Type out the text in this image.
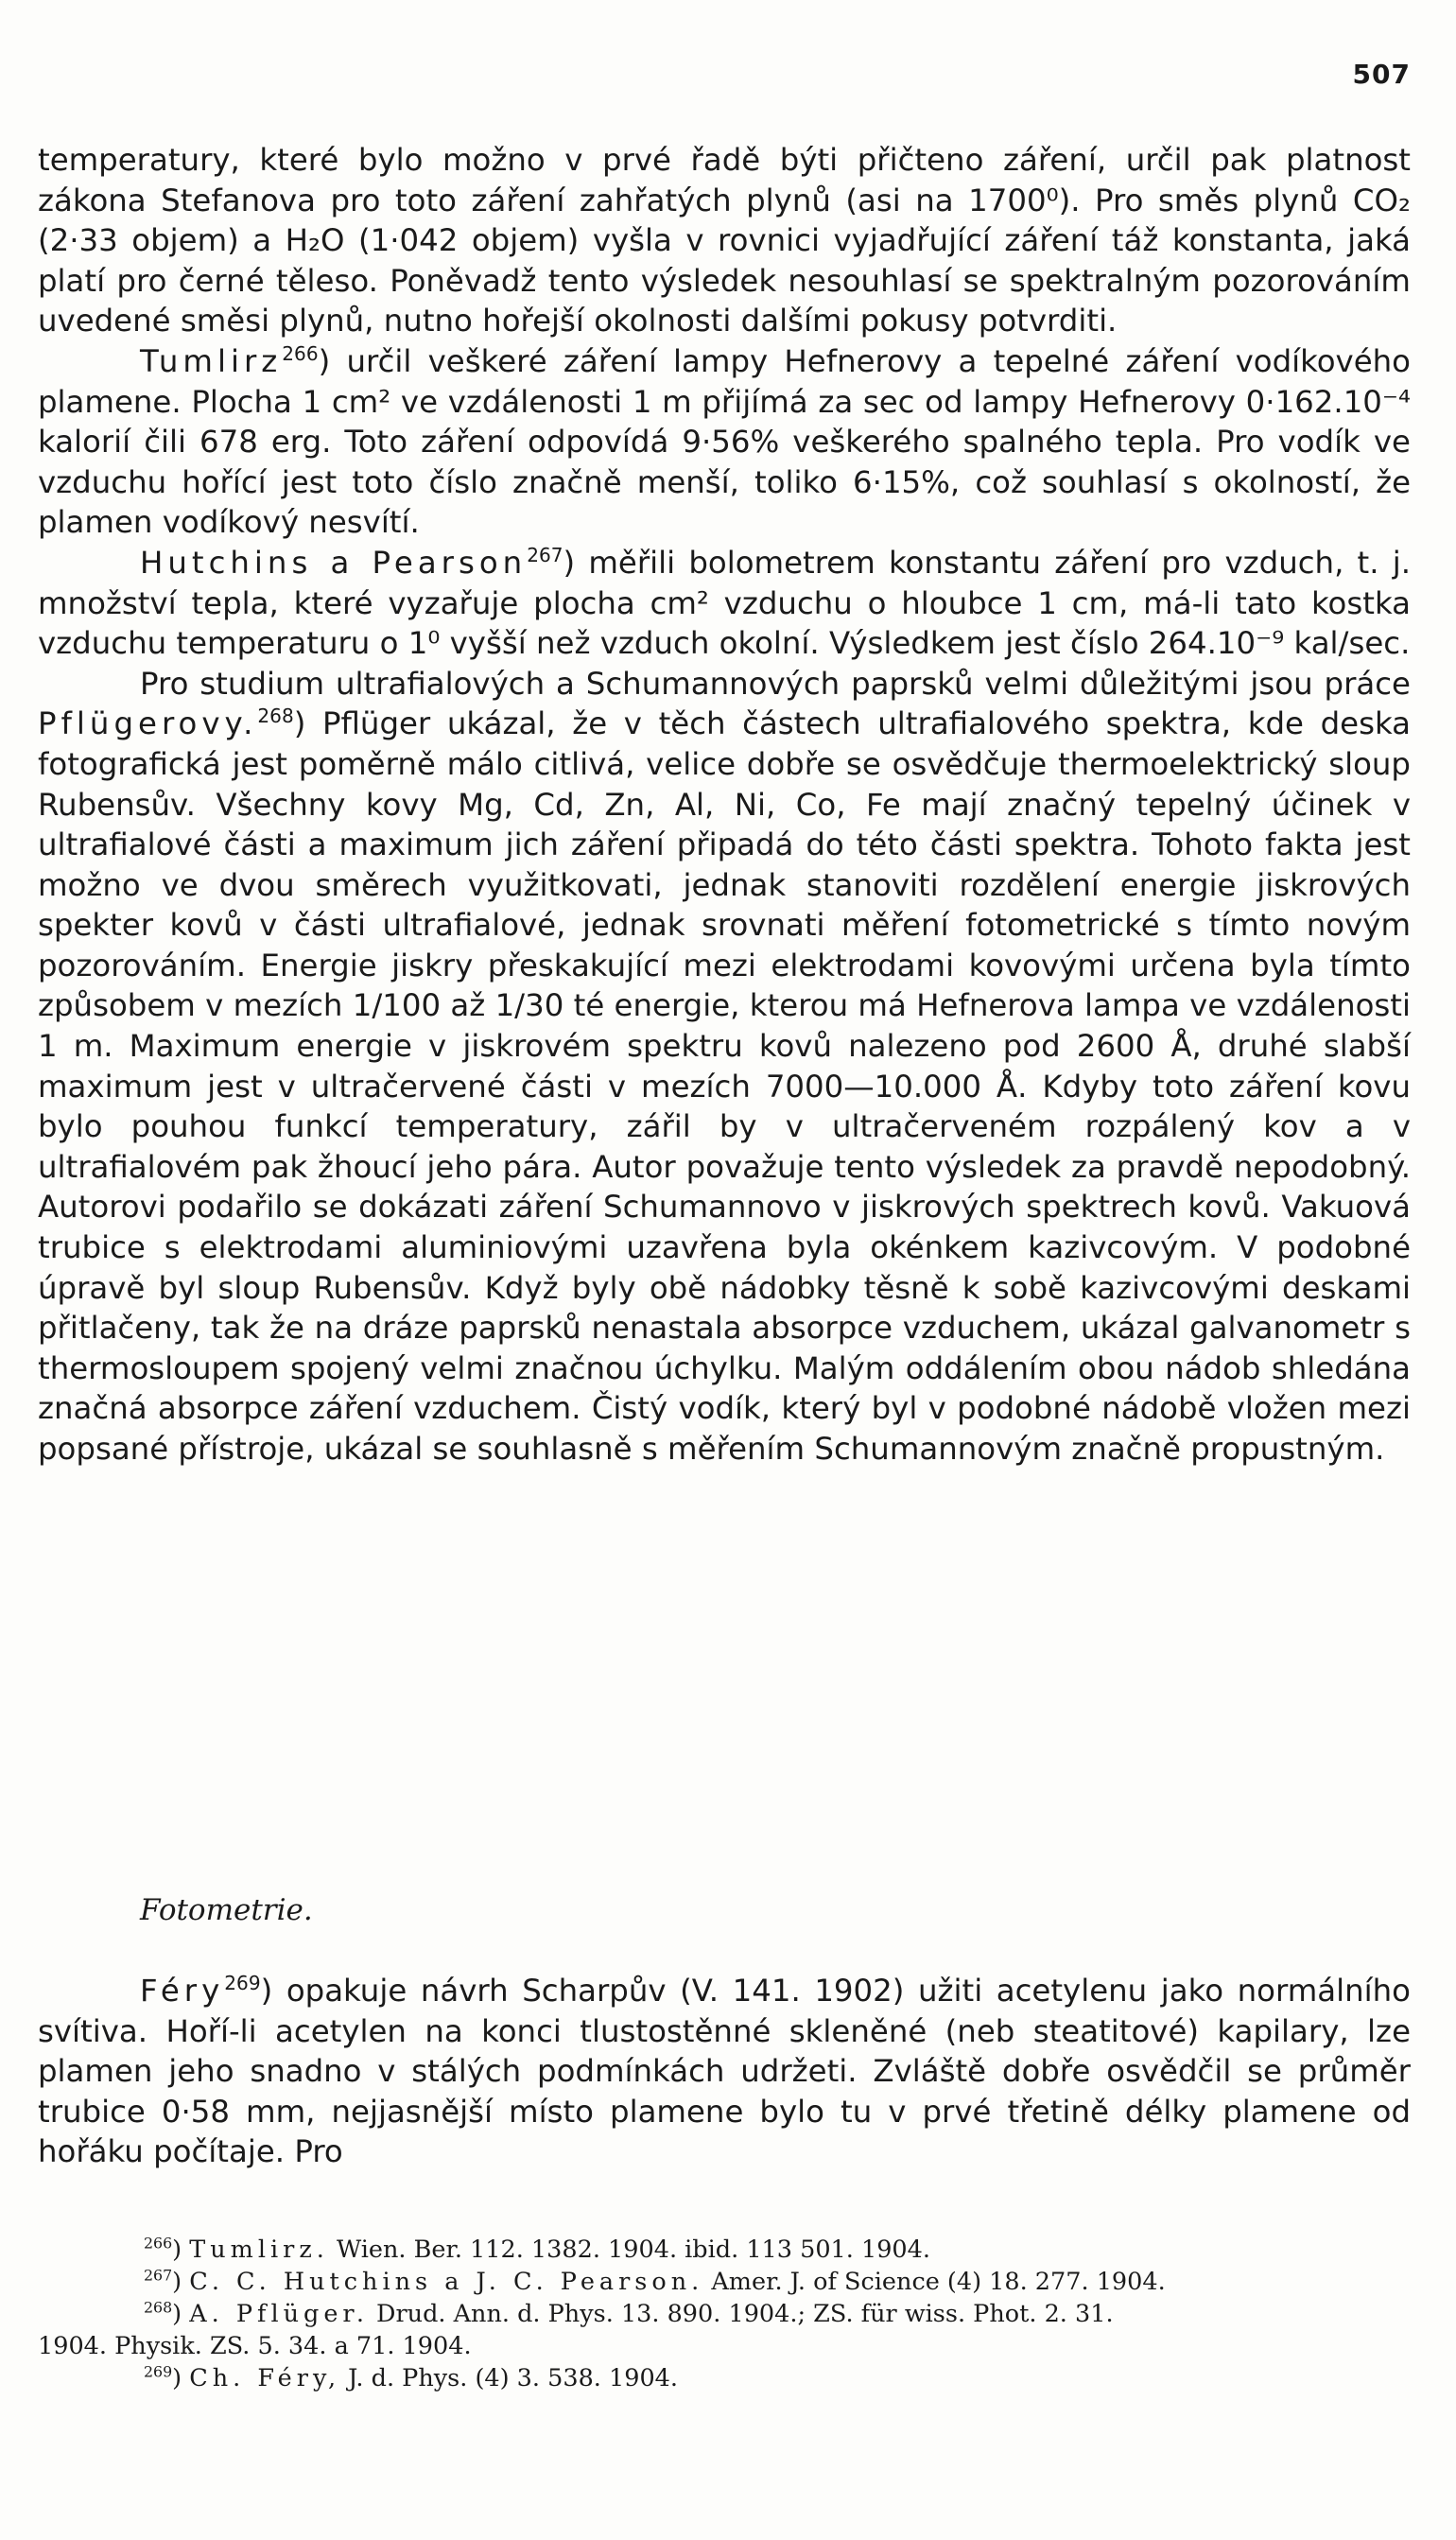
507

temperatury, které bylo možno v prvé řadě býti přičteno záření, určil pak platnost zákona Stefanova pro toto záření zahřatých plynů (asi na 1700⁰). Pro směs plynů CO₂ (2·33 objem) a H₂O (1·042 objem) vyšla v rovnici vyjadřující záření táž konstanta, jaká platí pro černé těleso. Poněvadž tento výsledek nesouhlasí se spektralným pozorováním uvedené směsi plynů, nutno hořejší okolnosti dalšími pokusy potvrditi.

Tumlirz$^{266}$) určil veškeré záření lampy Hefnerovy a tepelné záření vodíkového plamene. Plocha 1 cm² ve vzdálenosti 1 m přijímá za sec od lampy Hefnerovy 0·162.10⁻⁴ kalorií čili 678 erg. Toto záření odpovídá 9·56% veškerého spalného tepla. Pro vodík ve vzduchu hořící jest toto číslo značně menší, toliko 6·15%, což souhlasí s okolností, že plamen vodíkový nesvítí.

Hutchins a Pearson$^{267}$) měřili bolometrem konstantu záření pro vzduch, t. j. množství tepla, které vyzařuje plocha cm² vzduchu o hloubce 1 cm, má-li tato kostka vzduchu temperaturu o 1⁰ vyšší než vzduch okolní. Výsledkem jest číslo 264.10⁻⁹ kal/sec.

Pro studium ultrafialových a Schumannových paprsků velmi důležitými jsou práce Pflügerovy.$^{268}$) Pflüger ukázal, že v těch částech ultrafialového spektra, kde deska fotografická jest poměrně málo citlivá, velice dobře se osvědčuje thermoelektrický sloup Rubensův. Všechny kovy Mg, Cd, Zn, Al, Ni, Co, Fe mají značný tepelný účinek v ultrafialové části a maximum jich záření připadá do této části spektra. Tohoto fakta jest možno ve dvou směrech využitkovati, jednak stanoviti rozdělení energie jiskrových spekter kovů v části ultrafialové, jednak srovnati měření fotometrické s tímto novým pozorováním. Energie jiskry přeskakující mezi elektrodami kovovými určena byla tímto způsobem v mezích 1/100 až 1/30 té energie, kterou má Hefnerova lampa ve vzdálenosti 1 m. Maximum energie v jiskrovém spektru kovů nalezeno pod 2600 Å, druhé slabší maximum jest v ultračervené části v mezích 7000—10.000 Å. Kdyby toto záření kovu bylo pouhou funkcí temperatury, zářil by v ultračerveném rozpálený kov a v ultrafialovém pak žhoucí jeho pára. Autor považuje tento výsledek za pravdě nepodobný. Autorovi podařilo se dokázati záření Schumannovo v jiskrových spektrech kovů. Vakuová trubice s elektrodami aluminiovými uzavřena byla okénkem kazivcovým. V podobné úpravě byl sloup Rubensův. Když byly obě nádobky těsně k sobě kazivcovými deskami přitlačeny, tak že na dráze paprsků nenastala absorpce vzduchem, ukázal galvanometr s thermosloupem spojený velmi značnou úchylku. Malým oddálením obou nádob shledána značná absorpce záření vzduchem. Čistý vodík, který byl v podobné nádobě vložen mezi popsané přístroje, ukázal se souhlasně s měřením Schumannovým značně propustným.

Fotometrie.

Féry$^{269}$) opakuje návrh Scharpův (V. 141. 1902) užiti acetylenu jako normálního svítiva. Hoří-li acetylen na konci tlustostěnné skleněné (neb steatitové) kapilary, lze plamen jeho snadno v stálých podmínkách udržeti. Zvláště dobře osvědčil se průměr trubice 0·58 mm, nejjasnější místo plamene bylo tu v prvé třetině délky plamene od hořáku počítaje. Pro

$^{266}$) Tumlirz. Wien. Ber. 112. 1382. 1904. ibid. 113 501. 1904.

$^{267}$) C. C. Hutchins a J. C. Pearson. Amer. J. of Science (4) 18. 277. 1904.

$^{268}$) A. Pflüger. Drud. Ann. d. Phys. 13. 890. 1904.; ZS. für wiss. Phot. 2. 31.

1904. Physik. ZS. 5. 34. a 71. 1904.

$^{269}$) Ch. Féry, J. d. Phys. (4) 3. 538. 1904.
